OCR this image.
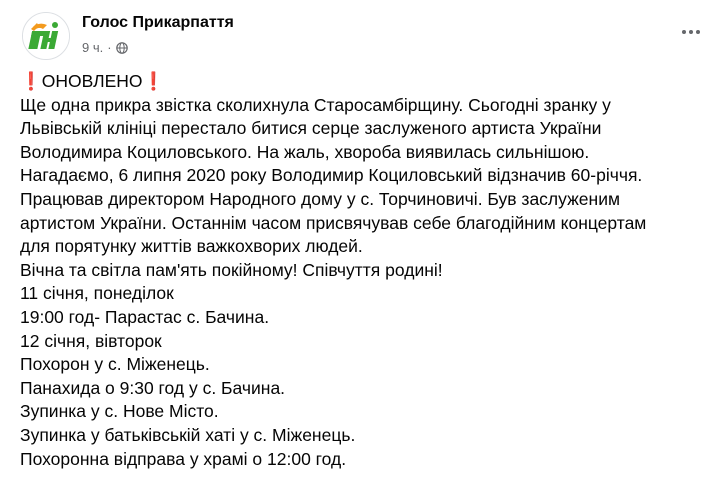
Голос Прикарпаття
9 ч. ·
❗ОНОВЛЕНО❗
Ще одна прикра звістка сколихнула Старосамбірщину. Сьогодні зранку у
Львівській клініці перестало битися серце заслуженого артиста України
Володимира Коциловського. На жаль, хвороба виявилась сильнішою.
Нагадаємо, 6 липня 2020 року Володимир Коциловський відзначив 60-річчя.
Працював директором Народного дому у с. Торчиновичі. Був заслуженим
артистом України. Останнім часом присвячував себе благодійним концертам
для порятунку життів важкохворих людей.
Вічна та світла пам'ять покійному! Співчуття родині!
11 січня, понеділок
19:00 год- Парастас с. Бачина.
12 січня, вівторок
Похорон у с. Міженець.
Панахида о 9:30 год у с. Бачина.
Зупинка у с. Нове Місто.
Зупинка у батьківській хаті у с. Міженець.
Похоронна відправа у храмі о 12:00 год.
